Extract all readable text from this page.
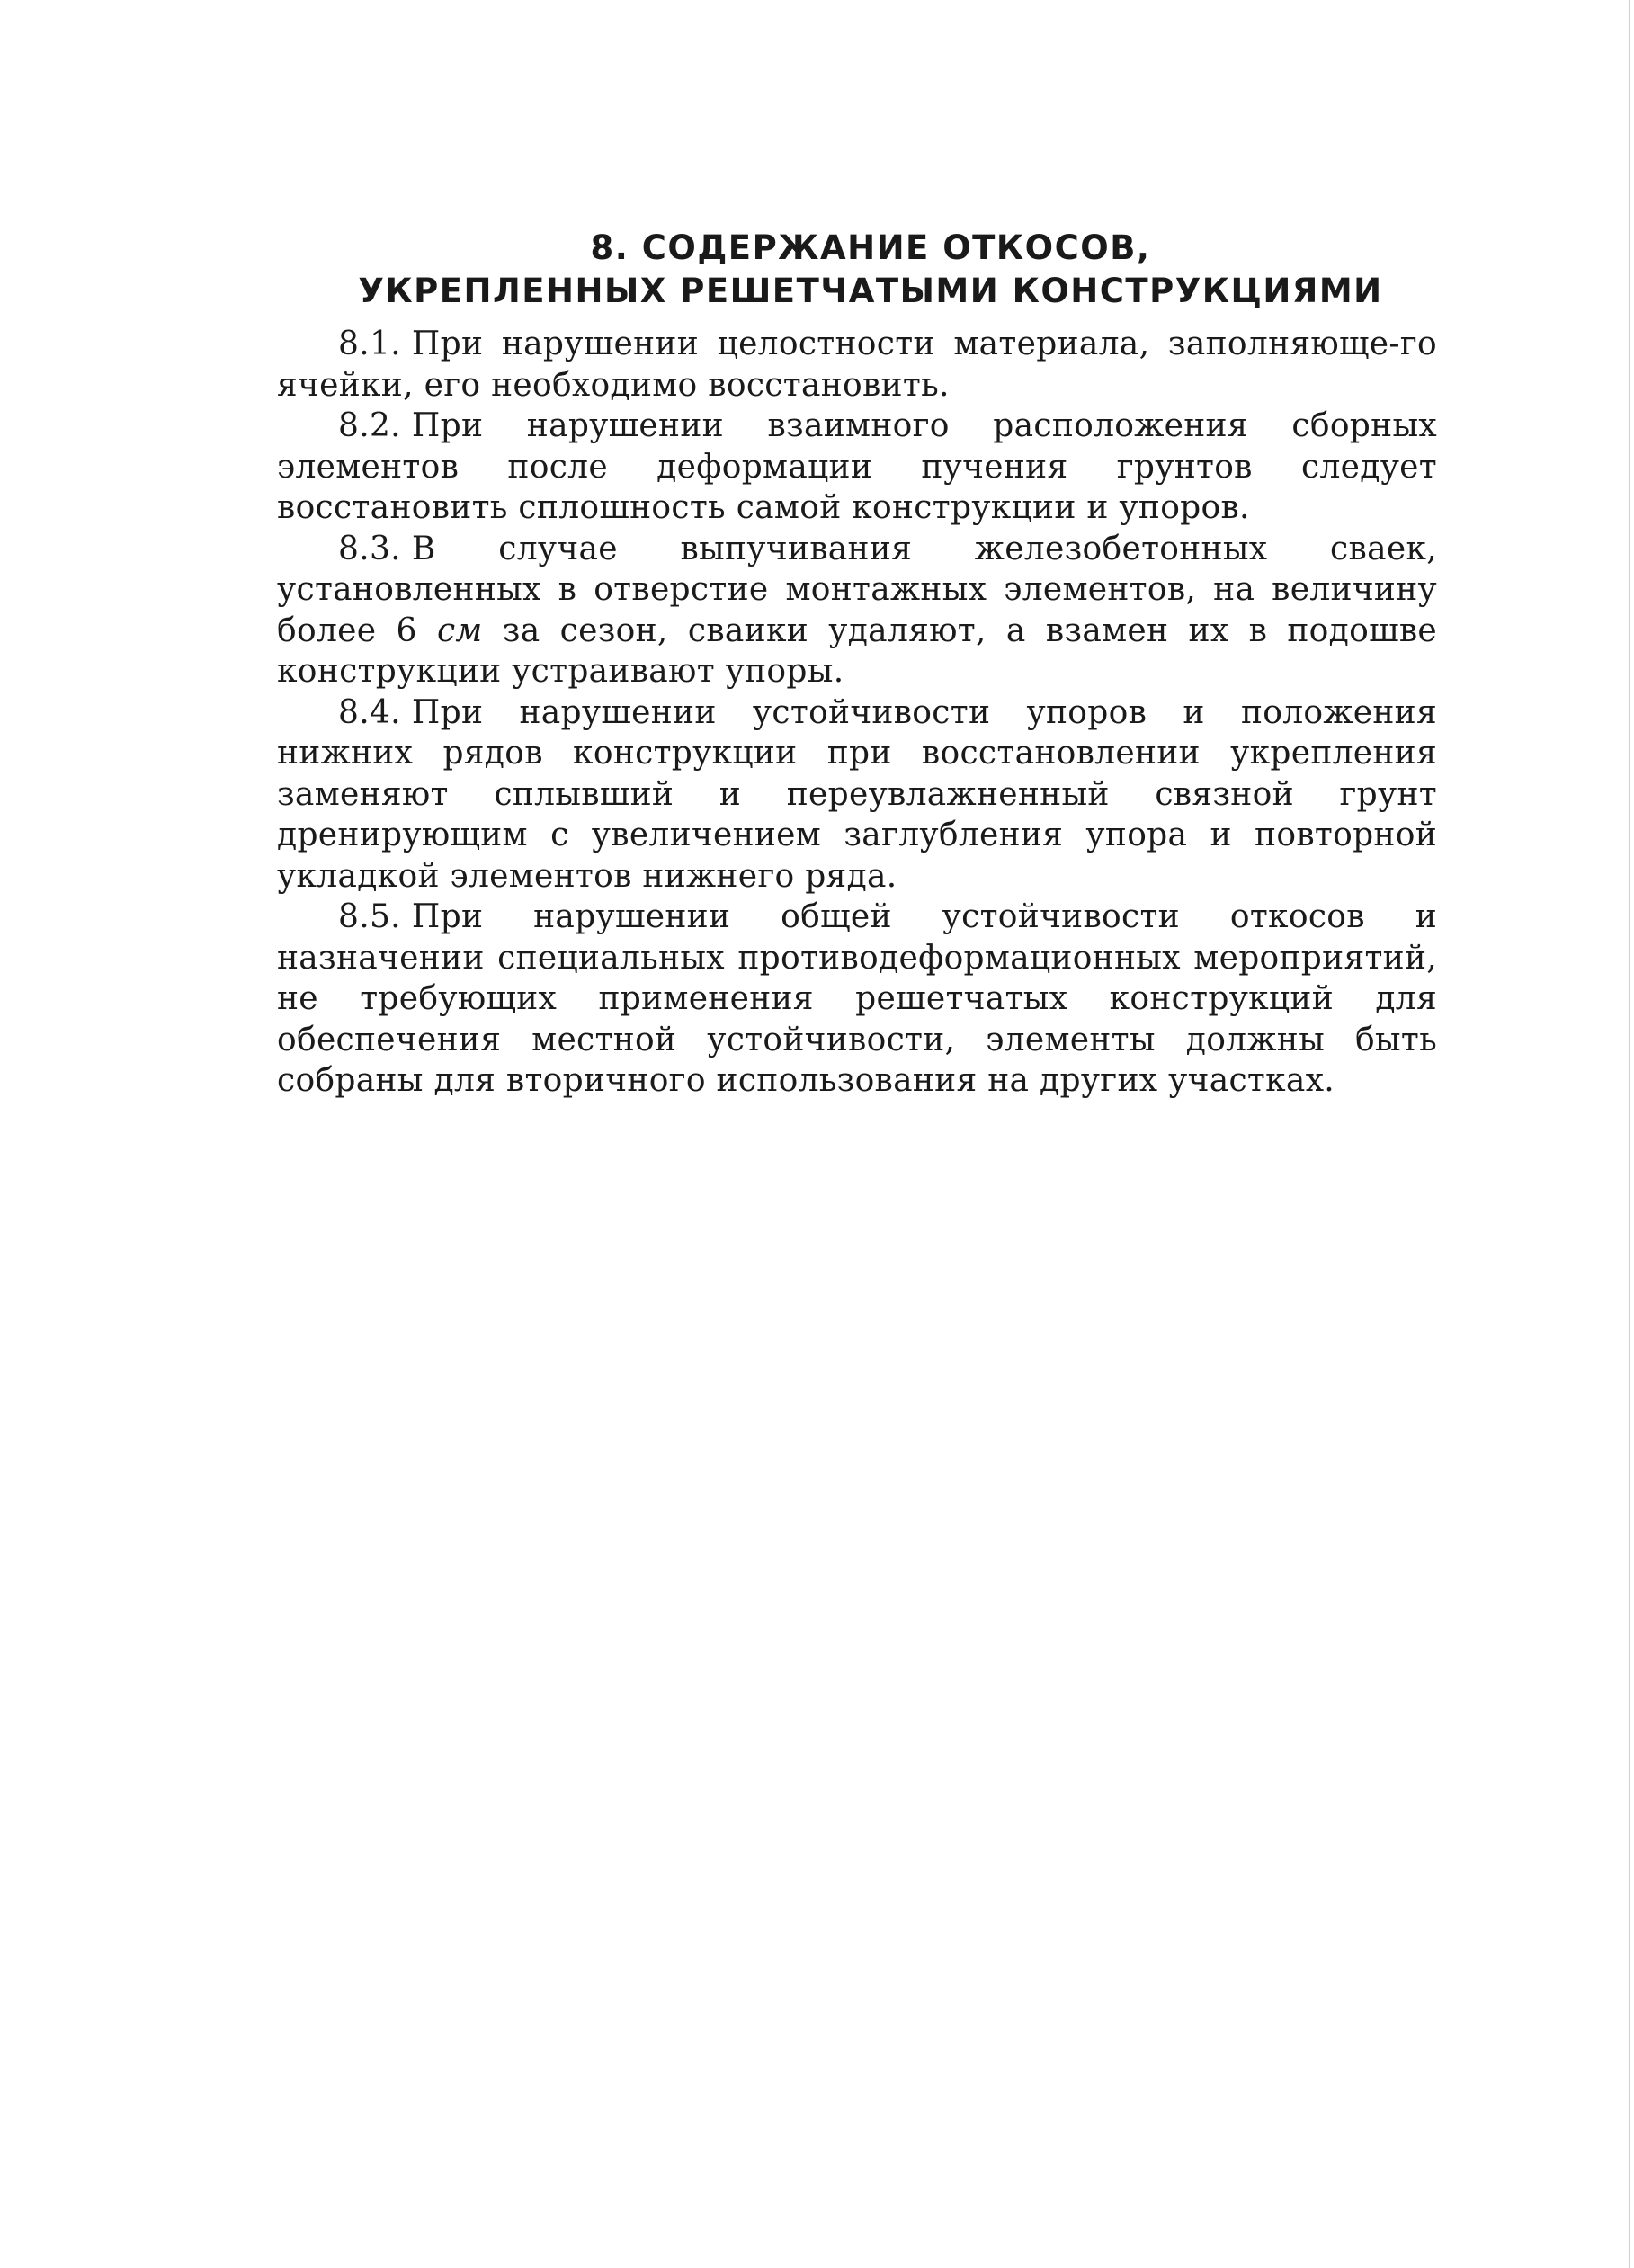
8. СОДЕРЖАНИЕ ОТКОСОВ,
УКРЕПЛЕННЫХ РЕШЕТЧАТЫМИ КОНСТРУКЦИЯМИ

8.1. При нарушении целостности материала, заполняюще-го ячейки, его необходимо восстановить.

8.2. При нарушении взаимного расположения сборных элементов после деформации пучения грунтов следует восстановить сплошность самой конструкции и упоров.

8.3. В случае выпучивания железобетонных сваек, установленных в отверстие монтажных элементов, на величину более 6 см за сезон, сваики удаляют, а взамен их в подошве конструкции устраивают упоры.

8.4. При нарушении устойчивости упоров и положения нижних рядов конструкции при восстановлении укрепления заменяют сплывший и переувлажненный связной грунт дренирующим с увеличением заглубления упора и повторной укладкой элементов нижнего ряда.

8.5. При нарушении общей устойчивости откосов и назначении специальных противодеформационных мероприятий, не требующих применения решетчатых конструкций для обеспечения местной устойчивости, элементы должны быть собраны для вторичного использования на других участках.
